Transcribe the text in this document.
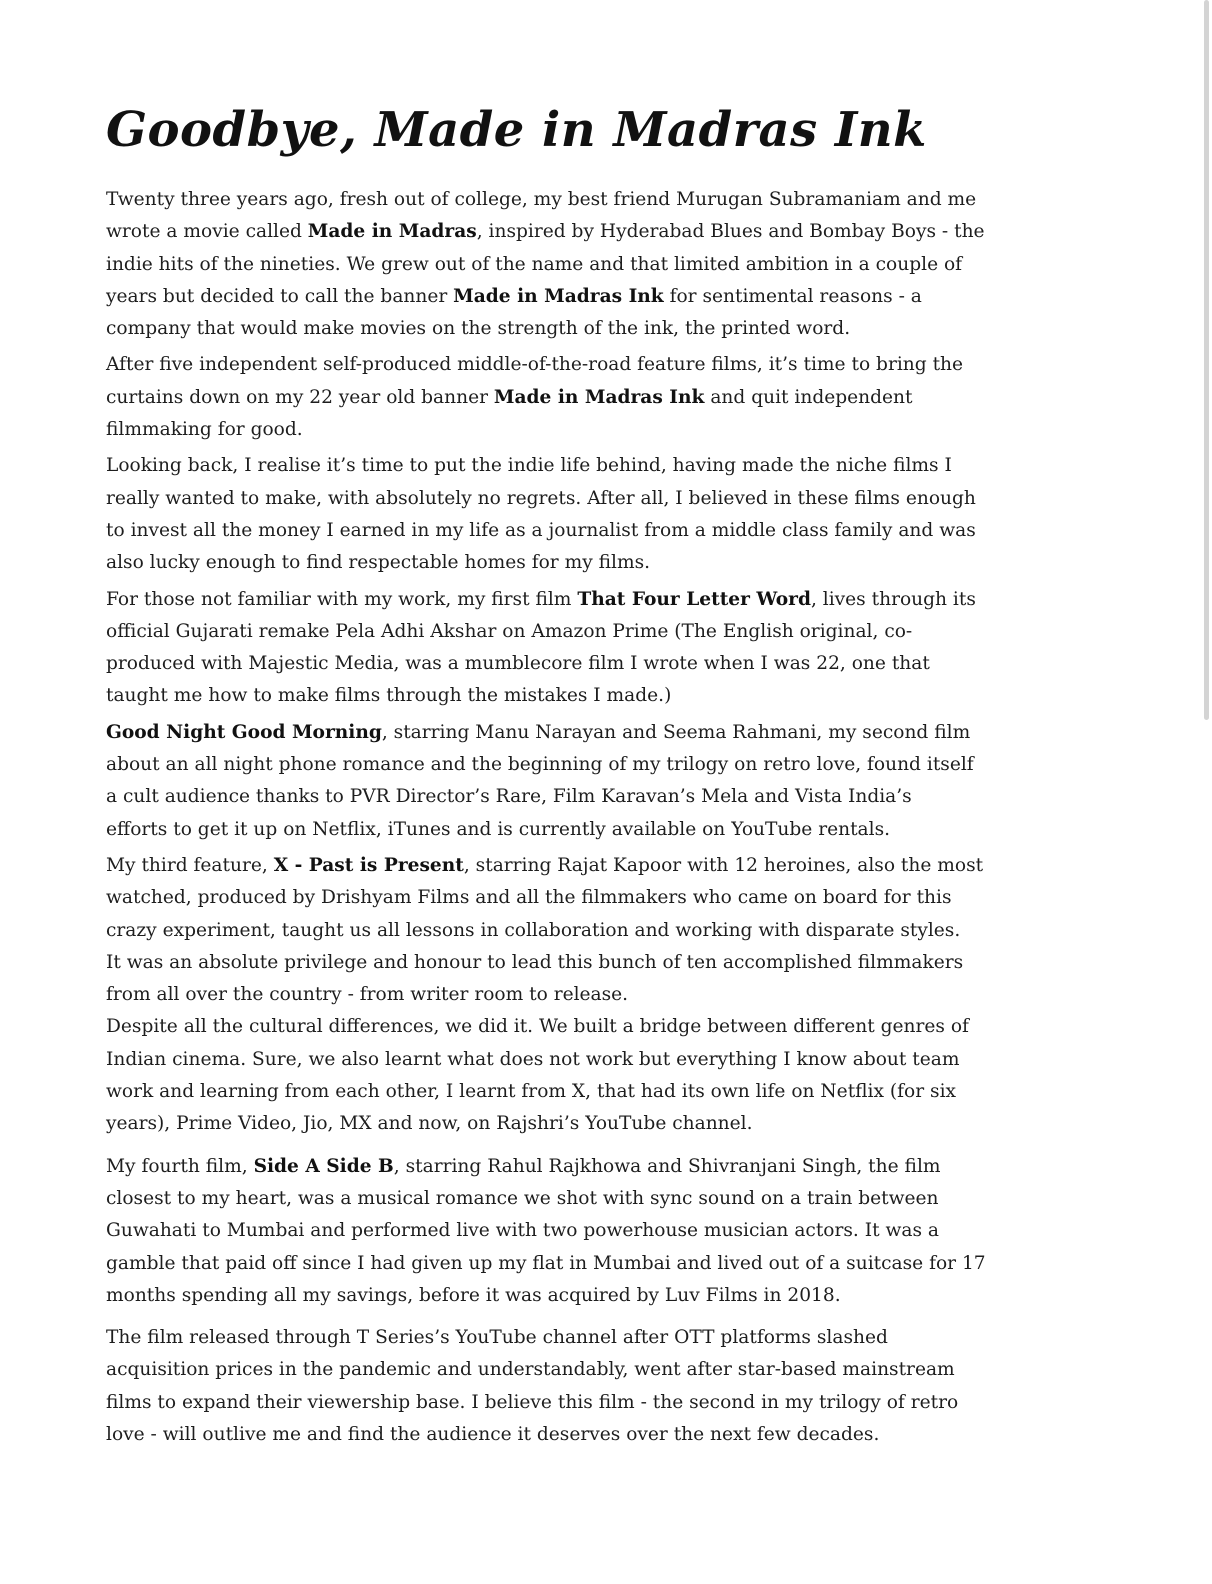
Goodbye, Made in Madras Ink

Twenty three years ago, fresh out of college, my best friend Murugan Subramaniam and me
wrote a movie called Made in Madras, inspired by Hyderabad Blues and Bombay Boys - the
indie hits of the nineties. We grew out of the name and that limited ambition in a couple of
years but decided to call the banner Made in Madras Ink for sentimental reasons - a
company that would make movies on the strength of the ink, the printed word.

After five independent self-produced middle-of-the-road feature films, it’s time to bring the
curtains down on my 22 year old banner Made in Madras Ink and quit independent
filmmaking for good.

Looking back, I realise it’s time to put the indie life behind, having made the niche films I
really wanted to make, with absolutely no regrets. After all, I believed in these films enough
to invest all the money I earned in my life as a journalist from a middle class family and was
also lucky enough to find respectable homes for my films.

For those not familiar with my work, my first film That Four Letter Word, lives through its
official Gujarati remake Pela Adhi Akshar on Amazon Prime (The English original, co-
produced with Majestic Media, was a mumblecore film I wrote when I was 22, one that
taught me how to make films through the mistakes I made.)

Good Night Good Morning, starring Manu Narayan and Seema Rahmani, my second film
about an all night phone romance and the beginning of my trilogy on retro love, found itself
a cult audience thanks to PVR Director’s Rare, Film Karavan’s Mela and Vista India’s
efforts to get it up on Netflix, iTunes and is currently available on YouTube rentals.

My third feature, X - Past is Present, starring Rajat Kapoor with 12 heroines, also the most
watched, produced by Drishyam Films and all the filmmakers who came on board for this
crazy experiment, taught us all lessons in collaboration and working with disparate styles.
It was an absolute privilege and honour to lead this bunch of ten accomplished filmmakers
from all over the country - from writer room to release.

Despite all the cultural differences, we did it. We built a bridge between different genres of
Indian cinema. Sure, we also learnt what does not work but everything I know about team
work and learning from each other, I learnt from X, that had its own life on Netflix (for six
years), Prime Video, Jio, MX and now, on Rajshri’s YouTube channel.

My fourth film, Side A Side B, starring Rahul Rajkhowa and Shivranjani Singh, the film
closest to my heart, was a musical romance we shot with sync sound on a train between
Guwahati to Mumbai and performed live with two powerhouse musician actors. It was a
gamble that paid off since I had given up my flat in Mumbai and lived out of a suitcase for 17
months spending all my savings, before it was acquired by Luv Films in 2018.

The film released through T Series’s YouTube channel after OTT platforms slashed
acquisition prices in the pandemic and understandably, went after star-based mainstream
films to expand their viewership base. I believe this film - the second in my trilogy of retro
love - will outlive me and find the audience it deserves over the next few decades.
